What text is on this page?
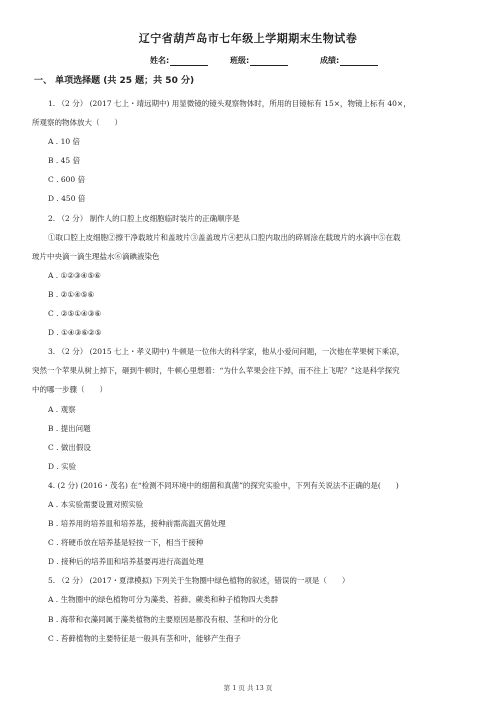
辽宁省葫芦岛市七年级上学期期末生物试卷
姓名:	班级:	成绩:
一、 单项选择题 (共 25 题；共 50 分)
1. （2 分） (2017 七上・靖远期中) 用显微镜的镜头观察物体时，所用的目镜标有 15×，物镜上标有 40×，
所观察的物体放大（　　）
A . 10 倍
B . 45 倍
C . 600 倍
D . 450 倍
2. （2 分） 制作人的口腔上皮细胞临时装片的正确顺序是
①取口腔上皮细胞②擦干净载玻片和盖玻片③盖盖玻片④把从口腔内取出的碎屑涂在载玻片的水滴中⑤在载
玻片中央滴一滴生理盐水⑥滴碘液染色
A . ①②③④⑤⑥
B . ②①④⑤⑥
C . ②⑤①④③⑥
D . ①④③⑥②⑤
3. （2 分） (2015 七上・孝义期中) 牛顿是一位伟大的科学家，他从小爱问问题，一次他在苹果树下乘凉，
突然一个苹果从树上掉下，砸到牛顿时，牛顿心里想着：“为什么苹果会往下掉，而不往上飞呢？”这是科学探究
中的哪一步骤（　　）
A . 观察
B . 提出问题
C . 做出假设
D . 实验
4. (2 分) (2016・茂名) 在“检测不同环境中的细菌和真菌”的探究实验中，下列有关说法不正确的是(　　)
A . 本实验需要设置对照实验
B . 培养用的培养皿和培养基，接种前需高温灭菌处理
C . 将硬币放在培养基是轻按一下，相当于接种
D . 接种后的培养皿和培养基要再进行高温处理
5. （2 分） (2017・夏津模拟) 下列关于生物圈中绿色植物的叙述，错误的一项是（　　）
A . 生物圈中的绿色植物可分为藻类、苔藓、蕨类和种子植物四大类群
B . 海带和衣藻同属于藻类植物的主要原因是都没有根、茎和叶的分化
C . 苔藓植物的主要特征是一般具有茎和叶，能够产生孢子
第 1 页 共 13 页
